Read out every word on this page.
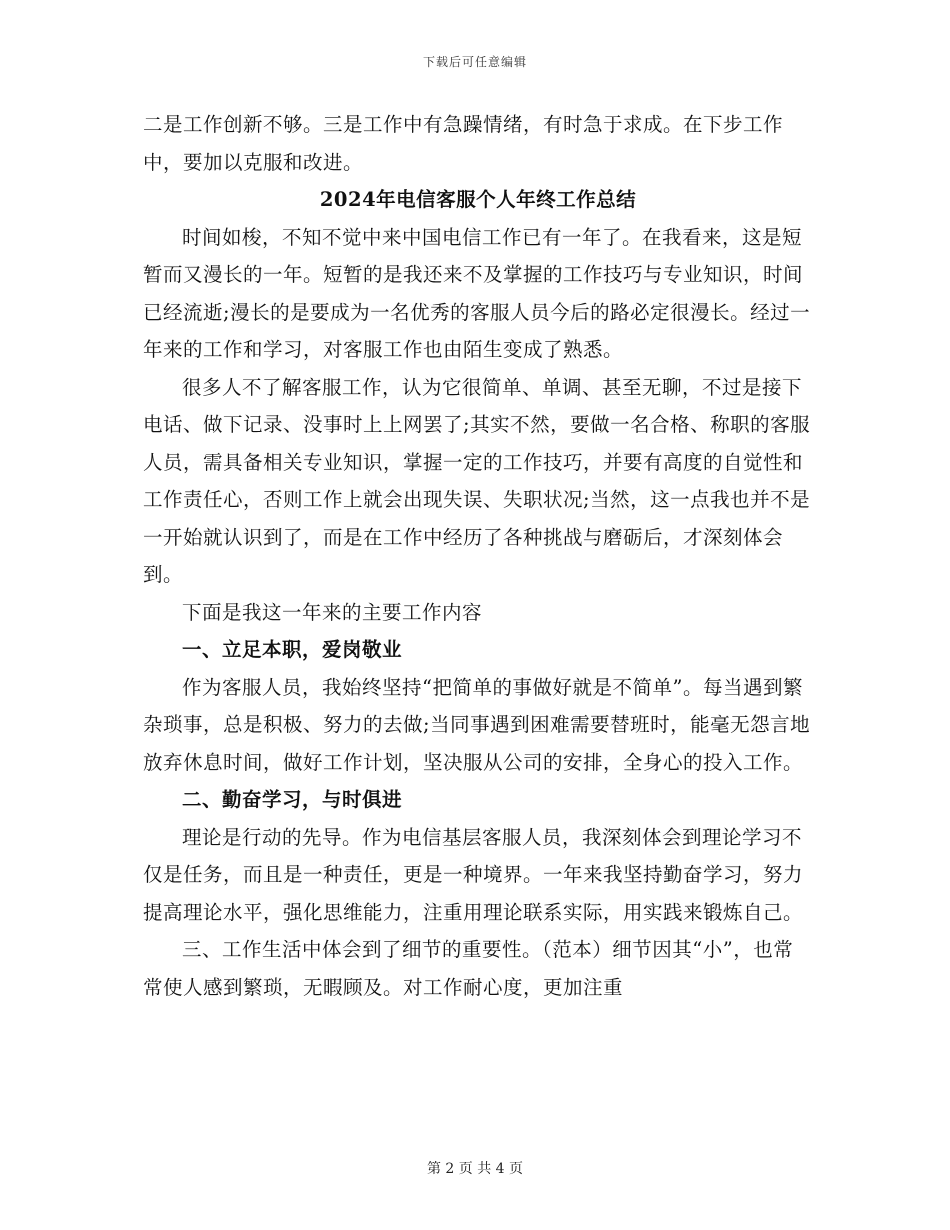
下载后可任意编辑

二是工作创新不够。三是工作中有急躁情绪，有时急于求成。在下步工作中，要加以克服和改进。

2024年电信客服个人年终工作总结

时间如梭，不知不觉中来中国电信工作已有一年了。在我看来，这是短暂而又漫长的一年。短暂的是我还来不及掌握的工作技巧与专业知识，时间已经流逝;漫长的是要成为一名优秀的客服人员今后的路必定很漫长。经过一年来的工作和学习，对客服工作也由陌生变成了熟悉。

很多人不了解客服工作，认为它很简单、单调、甚至无聊，不过是接下电话、做下记录、没事时上上网罢了;其实不然，要做一名合格、称职的客服人员，需具备相关专业知识，掌握一定的工作技巧，并要有高度的自觉性和工作责任心，否则工作上就会出现失误、失职状况;当然，这一点我也并不是一开始就认识到了，而是在工作中经历了各种挑战与磨砺后，才深刻体会到。

下面是我这一年来的主要工作内容

一、立足本职，爱岗敬业

作为客服人员，我始终坚持“把简单的事做好就是不简单”。每当遇到繁杂琐事，总是积极、努力的去做;当同事遇到困难需要替班时，能毫无怨言地放弃休息时间，做好工作计划，坚决服从公司的安排，全身心的投入工作。

二、勤奋学习，与时俱进

理论是行动的先导。作为电信基层客服人员，我深刻体会到理论学习不仅是任务，而且是一种责任，更是一种境界。一年来我坚持勤奋学习，努力提高理论水平，强化思维能力，注重用理论联系实际，用实践来锻炼自己。

三、工作生活中体会到了细节的重要性。（范本）细节因其“小”，也常常使人感到繁琐，无暇顾及。对工作耐心度，更加注重

第 2 页 共 4 页
